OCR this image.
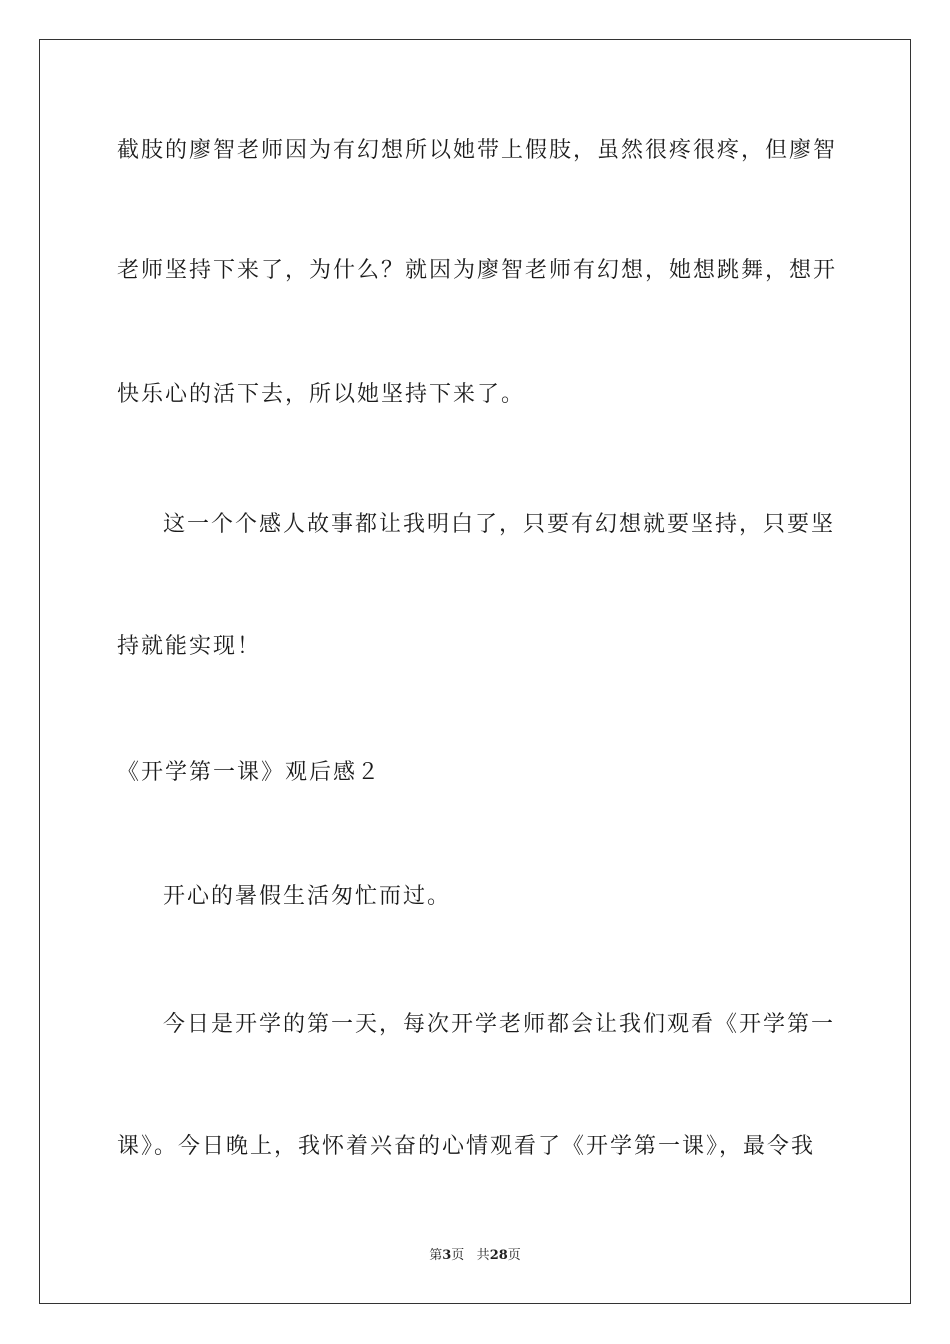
截肢的廖智老师因为有幻想所以她带上假肢，虽然很疼很疼，但廖智
老师坚持下来了，为什么？就因为廖智老师有幻想，她想跳舞，想开
快乐心的活下去，所以她坚持下来了。
这一个个感人故事都让我明白了，只要有幻想就要坚持，只要坚
持就能实现！
《开学第一课》观后感２
开心的暑假生活匆忙而过。
今日是开学的第一天，每次开学老师都会让我们观看《开学第一
课》。今日晚上，我怀着兴奋的心情观看了《开学第一课》，最令我
第3页 共28页
